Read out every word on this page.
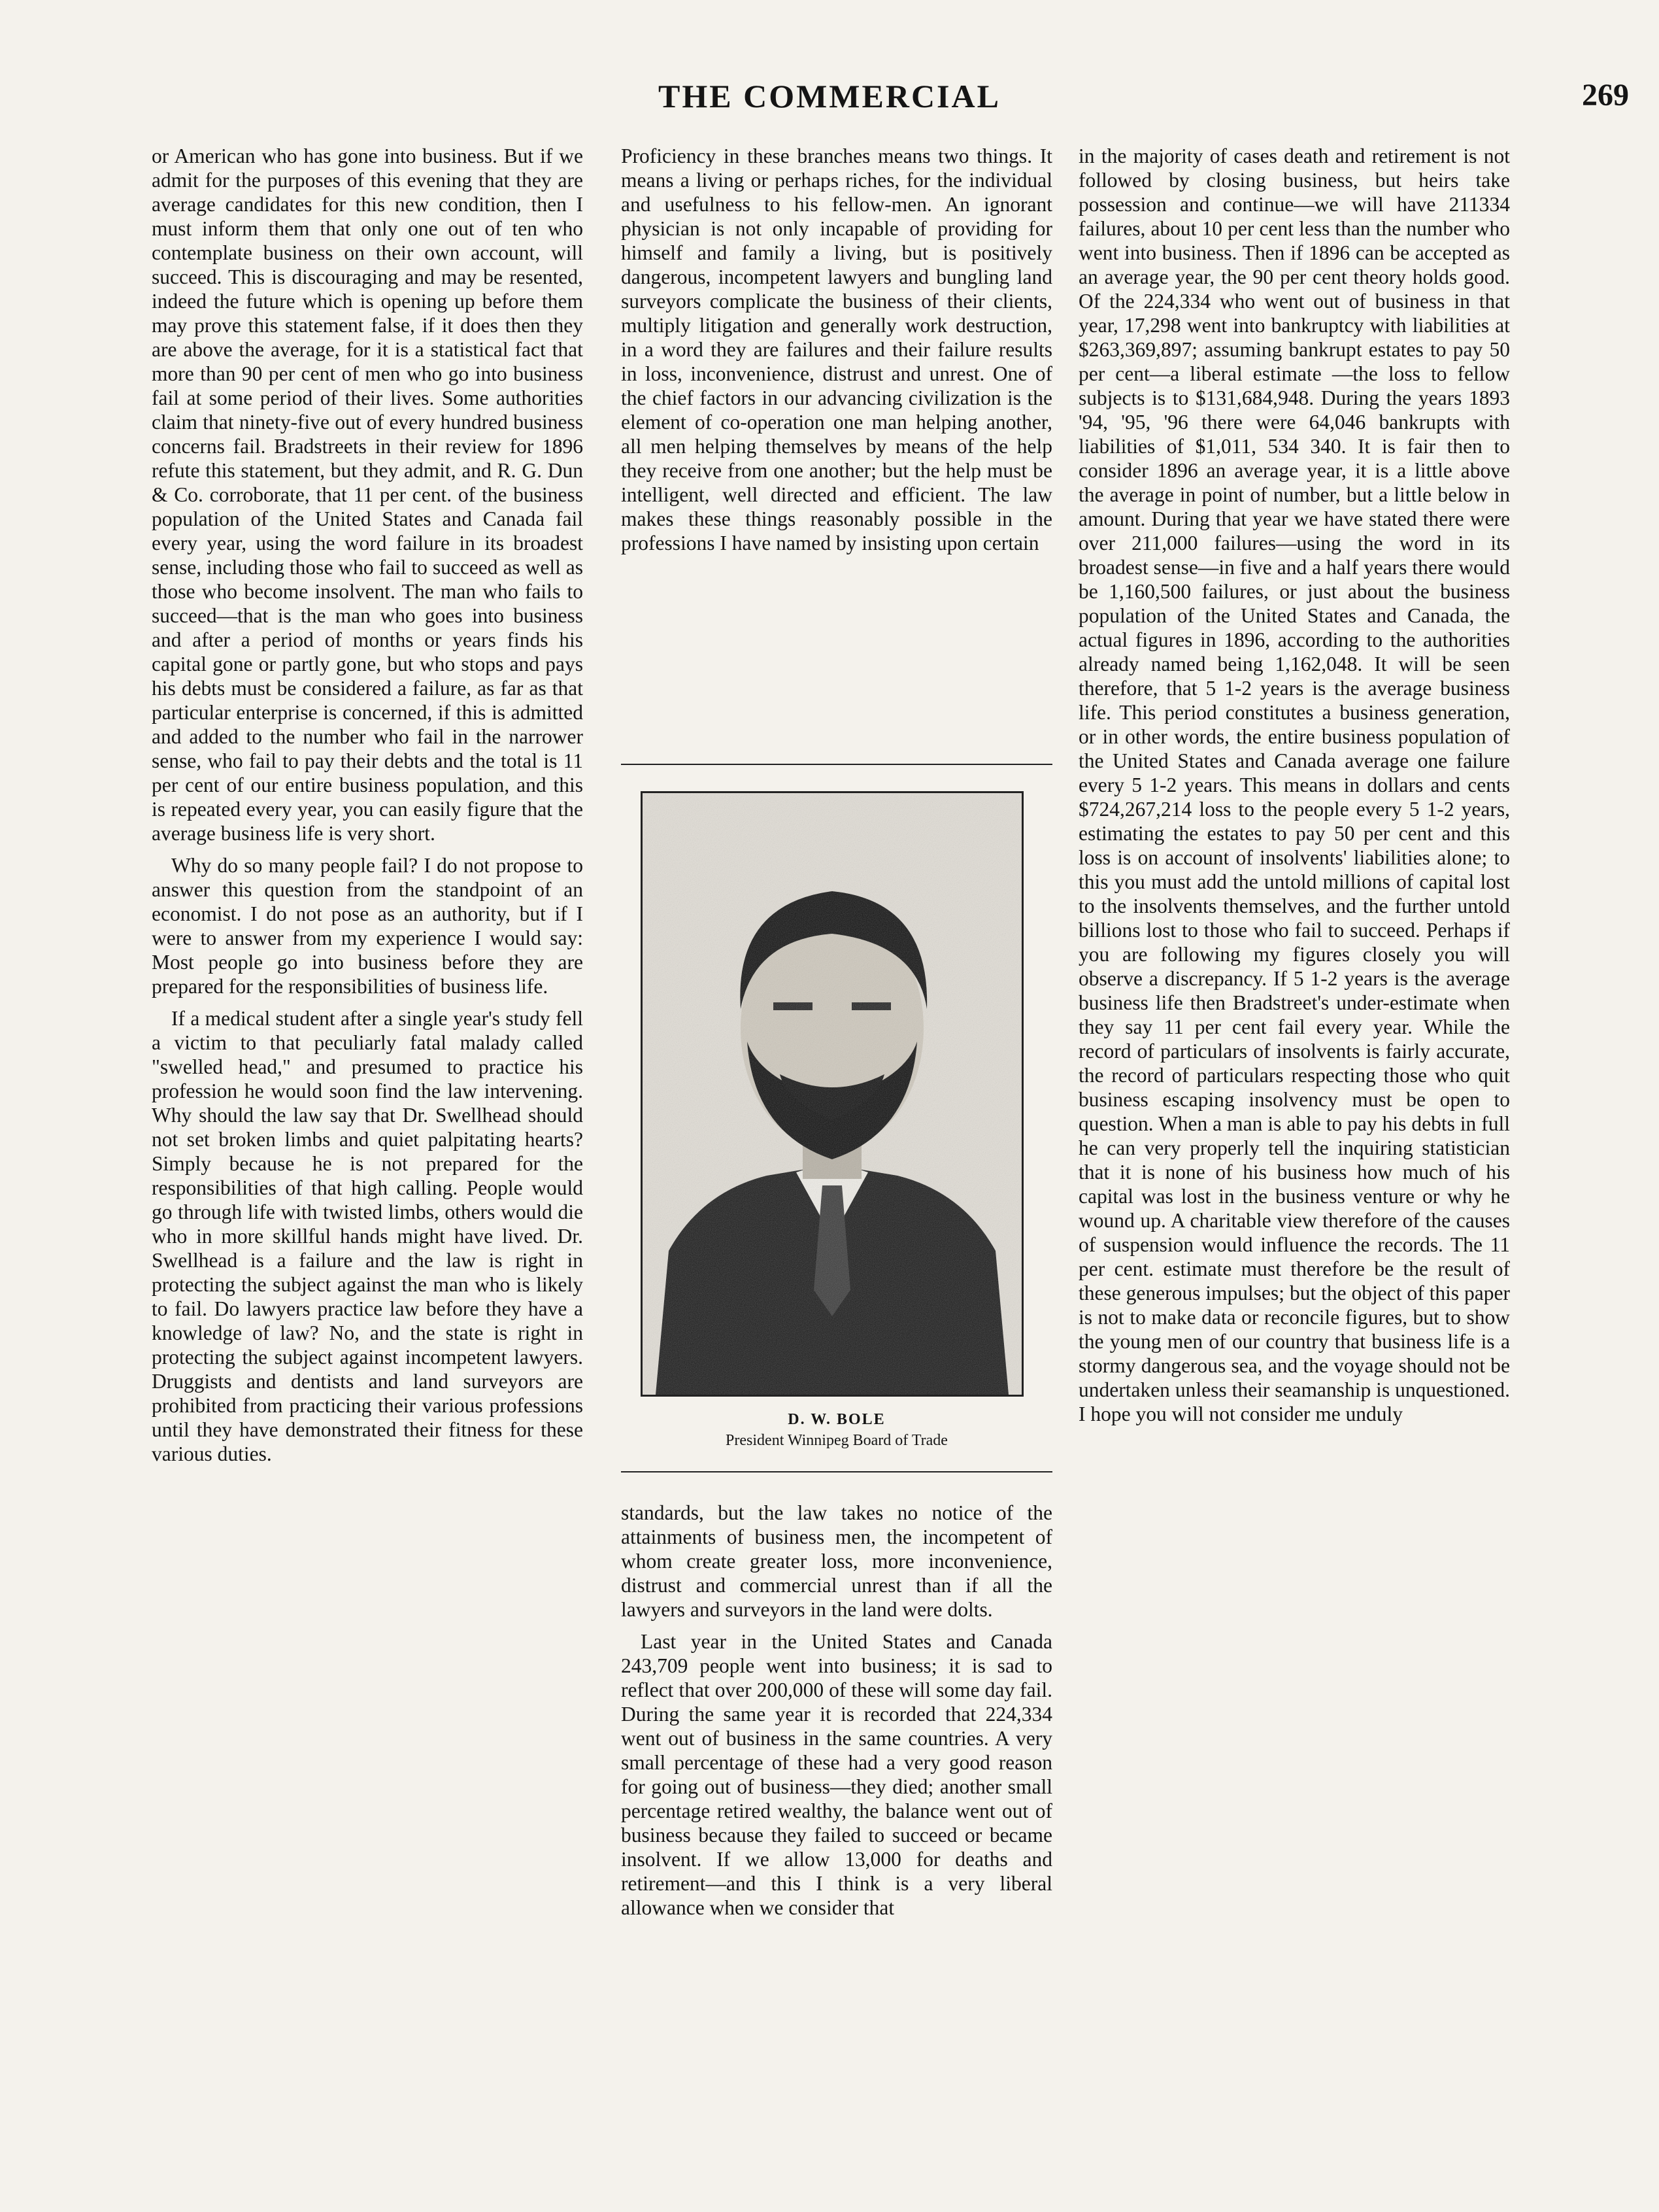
THE COMMERCIAL	269

or American who has gone into business. But if we admit for the purposes of this evening that they are average candidates for this new condition, then I must inform them that only one out of ten who contemplate business on their own account, will succeed. This is discouraging and may be resented, indeed the future which is opening up before them may prove this statement false, if it does then they are above the average, for it is a statistical fact that more than 90 per cent of men who go into business fail at some period of their lives. Some authorities claim that ninety-five out of every hundred business concerns fail. Bradstreets in their review for 1896 refute this statement, but they admit, and R. G. Dun & Co. corroborate, that 11 per cent. of the business population of the United States and Canada fail every year, using the word failure in its broadest sense, including those who fail to succeed as well as those who become insolvent. The man who fails to succeed—that is the man who goes into business and after a period of months or years finds his capital gone or partly gone, but who stops and pays his debts must be considered a failure, as far as that particular enterprise is concerned, if this is admitted and added to the number who fail in the narrower sense, who fail to pay their debts and the total is 11 per cent of our entire business population, and this is repeated every year, you can easily figure that the average business life is very short.

Why do so many people fail? I do not propose to answer this question from the standpoint of an economist. I do not pose as an authority, but if I were to answer from my experience I would say: Most people go into business before they are prepared for the responsibilities of business life.

If a medical student after a single year's study fell a victim to that peculiarly fatal malady called "swelled head," and presumed to practice his profession he would soon find the law intervening. Why should the law say that Dr. Swellhead should not set broken limbs and quiet palpitating hearts? Simply because he is not prepared for the responsibilities of that high calling. People would go through life with twisted limbs, others would die who in more skillful hands might have lived. Dr. Swellhead is a failure and the law is right in protecting the subject against the man who is likely to fail. Do lawyers practice law before they have a knowledge of law? No, and the state is right in protecting the subject against incompetent lawyers. Druggists and dentists and land surveyors are prohibited from practicing their various professions until they have demonstrated their fitness for these various duties.

Proficiency in these branches means two things. It means a living or perhaps riches, for the individual and usefulness to his fellow-men. An ignorant physician is not only incapable of providing for himself and family a living, but is positively dangerous, incompetent lawyers and bungling land surveyors complicate the business of their clients, multiply litigation and generally work destruction, in a word they are failures and their failure results in loss, inconvenience, distrust and unrest. One of the chief factors in our advancing civilization is the element of co-operation one man helping another, all men helping themselves by means of the help they receive from one another; but the help must be intelligent, well directed and efficient. The law makes these things reasonably possible in the professions I have named by insisting upon certain

D. W. BOLE
President Winnipeg Board of Trade

standards, but the law takes no notice of the attainments of business men, the incompetent of whom create greater loss, more inconvenience, distrust and commercial unrest than if all the lawyers and surveyors in the land were dolts.

Last year in the United States and Canada 243,709 people went into business; it is sad to reflect that over 200,000 of these will some day fail. During the same year it is recorded that 224,334 went out of business in the same countries. A very small percentage of these had a very good reason for going out of business—they died; another small percentage retired wealthy, the balance went out of business because they failed to succeed or became insolvent. If we allow 13,000 for deaths and retirement—and this I think is a very liberal allowance when we consider that

in the majority of cases death and retirement is not followed by closing business, but heirs take possession and continue—we will have 211334 failures, about 10 per cent less than the number who went into business. Then if 1896 can be accepted as an average year, the 90 per cent theory holds good. Of the 224,334 who went out of business in that year, 17,298 went into bankruptcy with liabilities at $263,369,897; assuming bankrupt estates to pay 50 per cent—a liberal estimate —the loss to fellow subjects is to $131,684,948. During the years 1893 '94, '95, '96 there were 64,046 bankrupts with liabilities of $1,011, 534 340. It is fair then to consider 1896 an average year, it is a little above the average in point of number, but a little below in amount. During that year we have stated there were over 211,000 failures—using the word in its broadest sense—in five and a half years there would be 1,160,500 failures, or just about the business population of the United States and Canada, the actual figures in 1896, according to the authorities already named being 1,162,048. It will be seen therefore, that 5 1-2 years is the average business life. This period constitutes a business generation, or in other words, the entire business population of the United States and Canada average one failure every 5 1-2 years. This means in dollars and cents $724,267,214 loss to the people every 5 1-2 years, estimating the estates to pay 50 per cent and this loss is on account of insolvents' liabilities alone; to this you must add the untold millions of capital lost to the insolvents themselves, and the further untold billions lost to those who fail to succeed. Perhaps if you are following my figures closely you will observe a discrepancy. If 5 1-2 years is the average business life then Bradstreet's under-estimate when they say 11 per cent fail every year. While the record of particulars of insolvents is fairly accurate, the record of particulars respecting those who quit business escaping insolvency must be open to question. When a man is able to pay his debts in full he can very properly tell the inquiring statistician that it is none of his business how much of his capital was lost in the business venture or why he wound up. A charitable view therefore of the causes of suspension would influence the records. The 11 per cent. estimate must therefore be the result of these generous impulses; but the object of this paper is not to make data or reconcile figures, but to show the young men of our country that business life is a stormy dangerous sea, and the voyage should not be undertaken unless their seamanship is unquestioned. I hope you will not consider me unduly
